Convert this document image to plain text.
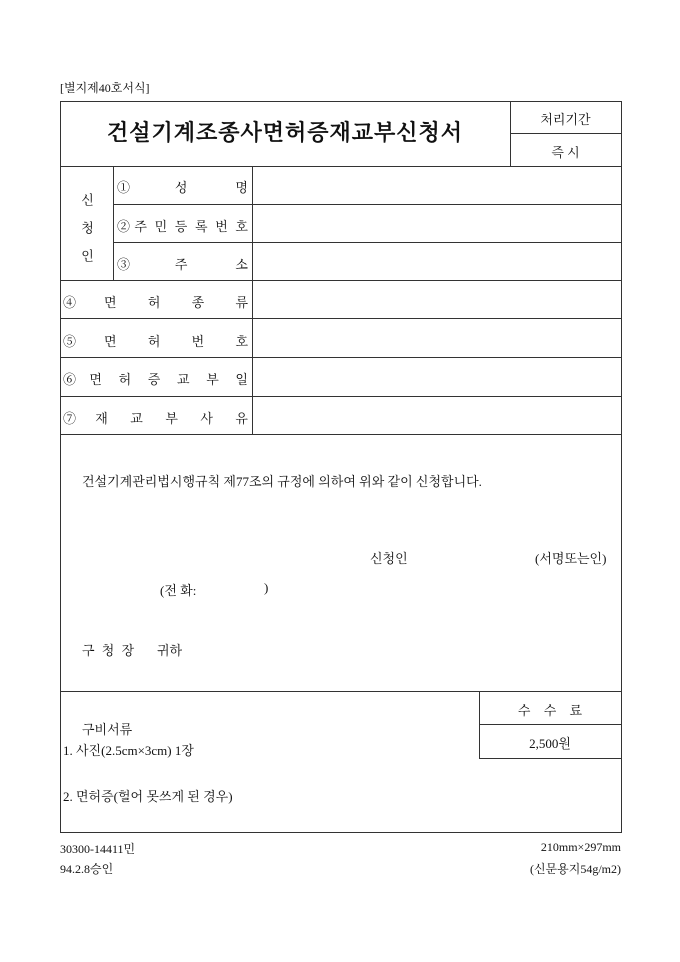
[별지제40호서식]
건설기계조종사면허증재교부신청서
처리기간
즉 시
신 청 인
①성 명
②주 민 등 록 번 호
③주 소
④면 허 종 류
⑤면 허 번 호
⑥면 허 증 교 부 일
⑦재 교 부 사 유
건설기계관리법시행규칙 제77조의 규정에 의하여 위와 같이 신청합니다.
신청인	(서명또는인)
(전 화:	)
구 청 장 귀하
수 수 료
2,500원
구비서류
1. 사진(2.5cm×3cm) 1장
2. 면허증(헐어 못쓰게 된 경우)
30300-14411민
94.2.8승인
210mm×297mm
(신문용지54g/m2)
